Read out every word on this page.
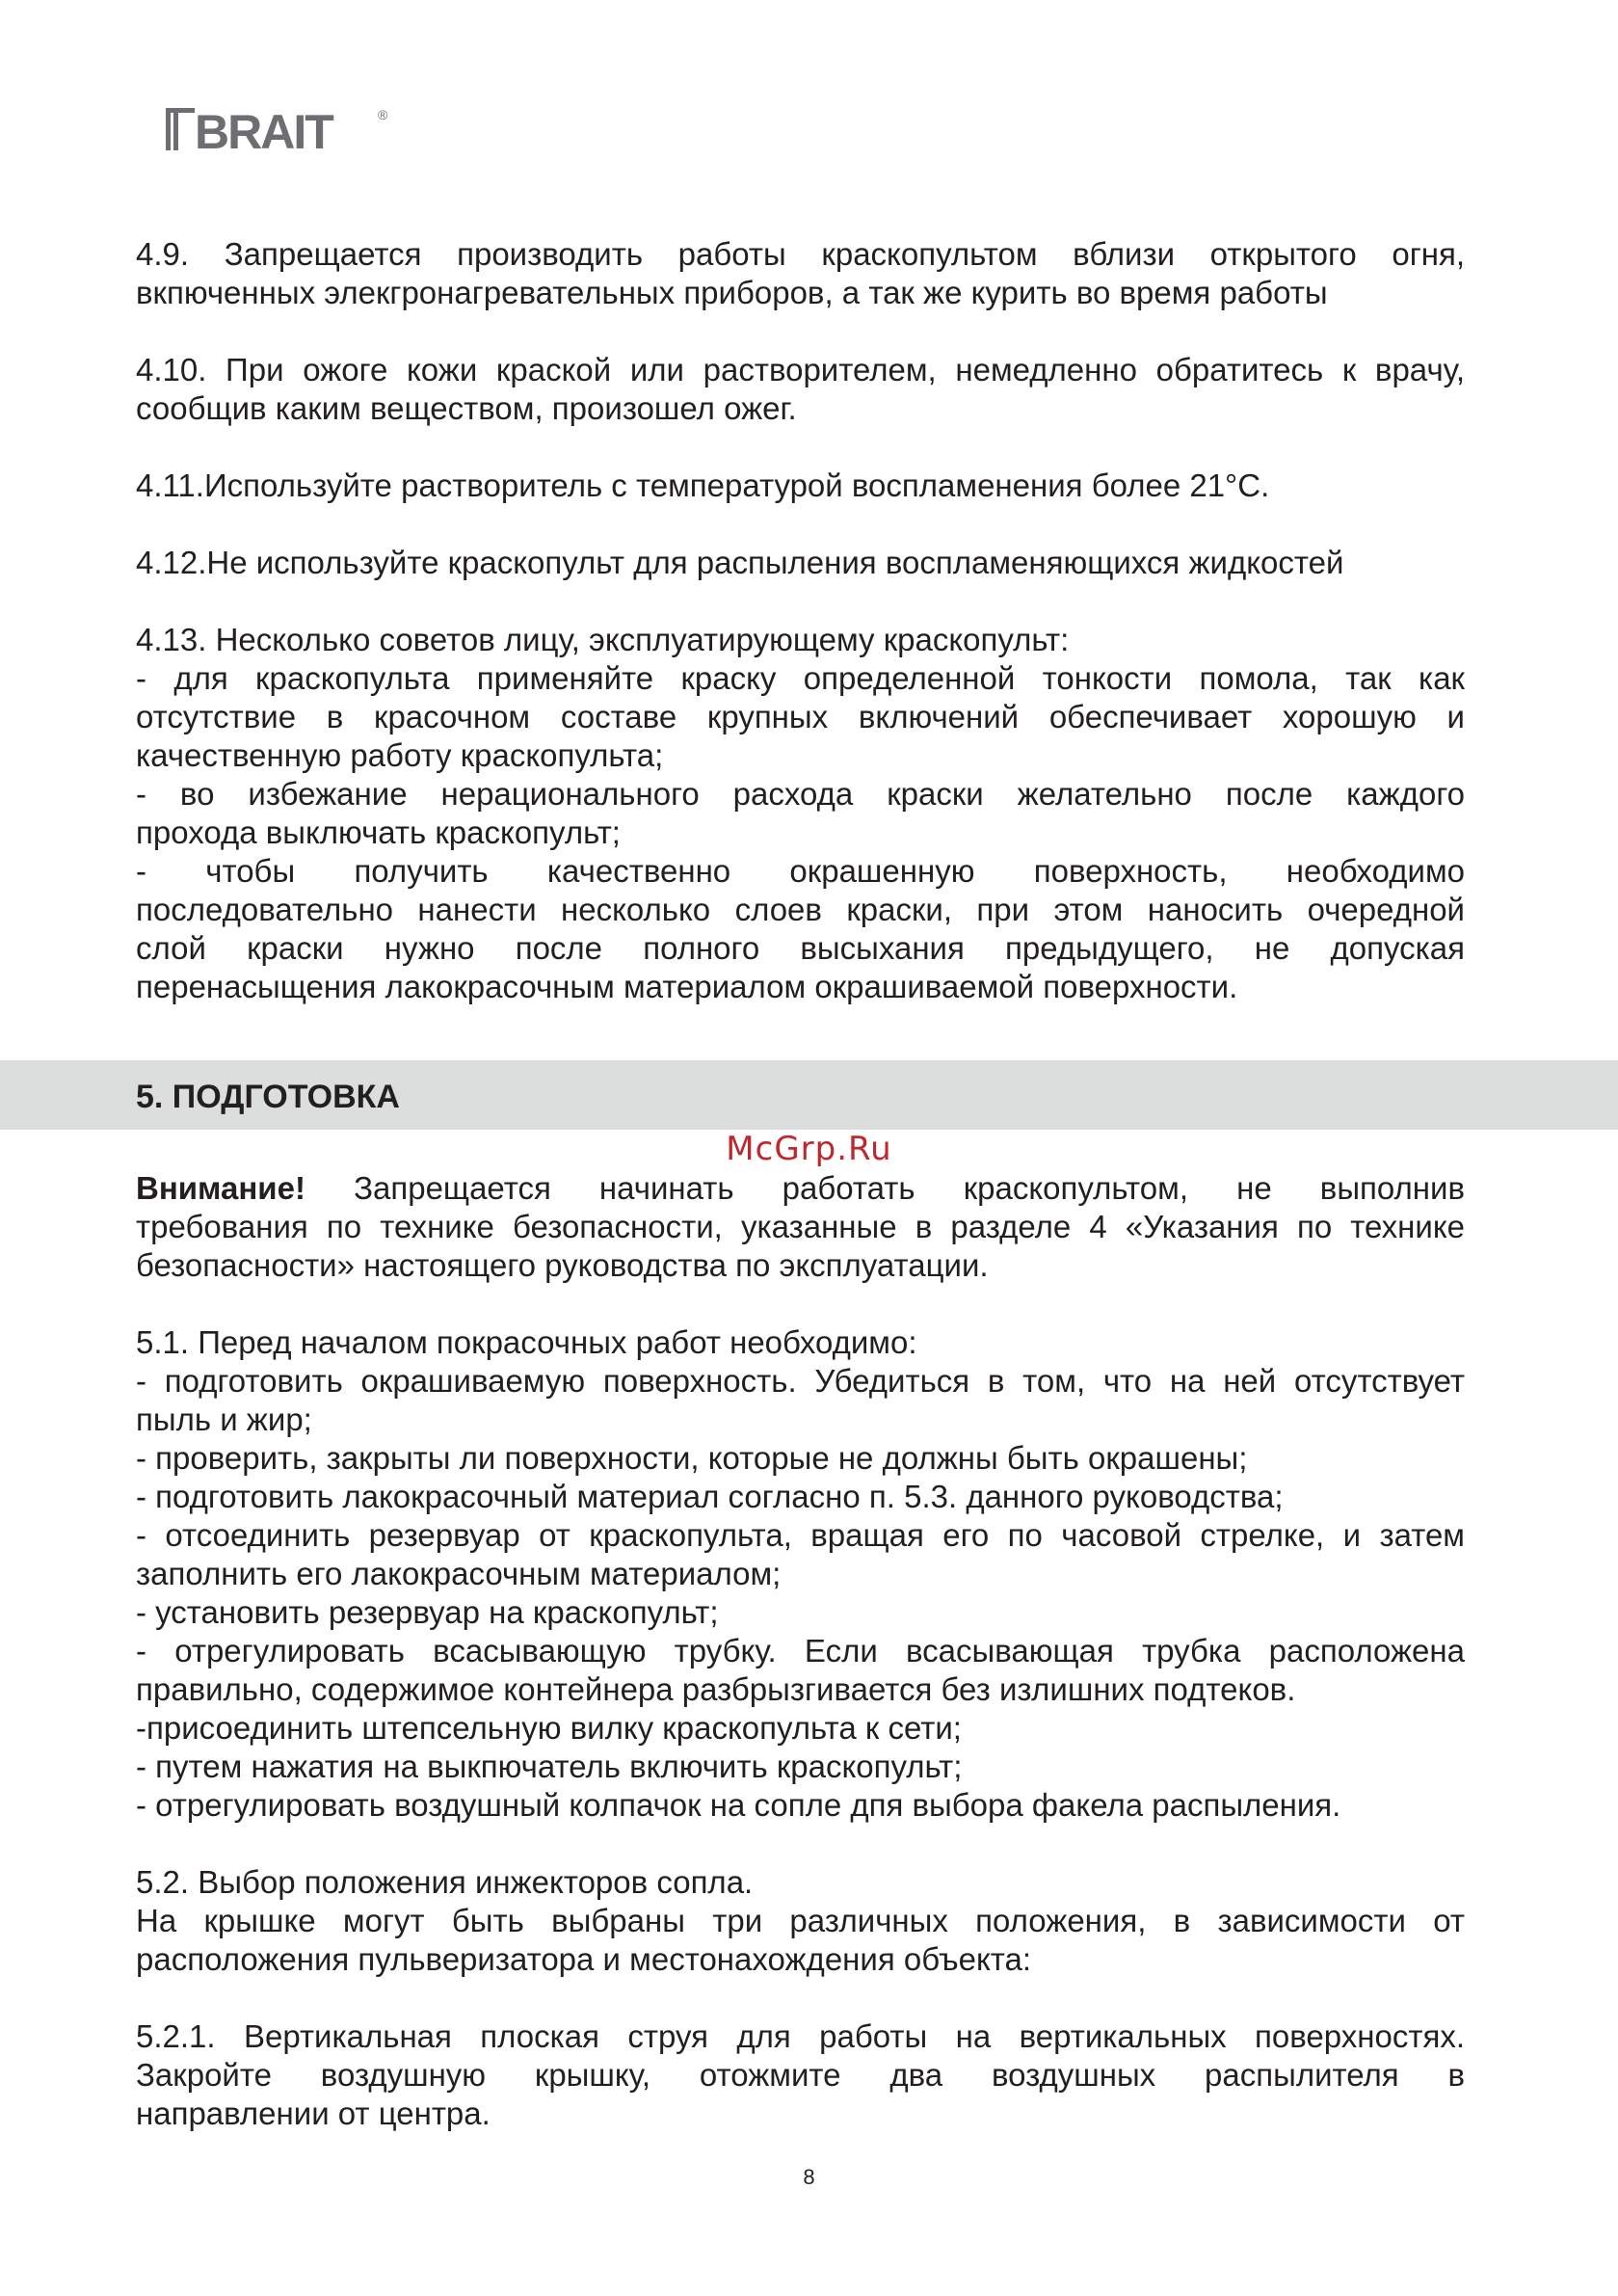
BRAIT	®

4.9. Запрещается производить работы краскопультом вблизи открытого огня,
вкпюченных элекгронагревательных приборов, а так же курить во время работы

4.10. При ожоге кожи краской или растворителем, немедленно обратитесь к врачу,
сообщив каким веществом, произошел ожег.

4.11.Используйте растворитель с температурой воспламенения более 21°С.

4.12.Не используйте краскопульт для распыления воспламеняющихся жидкостей

4.13. Несколько советов лицу, эксплуатирующему краскопульт:
- для краскопульта применяйте краску определенной тонкости помола, так как
отсутствие в красочном составе крупных включений обеспечивает хорошую и
качественную работу краскопульта;
- во избежание нерационального расхода краски желательно после каждого
прохода выключать краскопульт;
- чтобы получить качественно окрашенную поверхность, необходимо
последовательно нанести несколько слоев краски, при этом наносить очередной
слой краски нужно после полного высыхания предыдущего, не допуская
перенасыщения лакокрасочным материалом окрашиваемой поверхности.

5. ПОДГОТОВКА
McGrp.Ru

Внимание! Запрещается начинать работать краскопультом, не выполнив
требования по технике безопасности, указанные в разделе 4 «Указания по технике
безопасности» настоящего руководства по эксплуатации.

5.1. Перед началом покрасочных работ необходимо:
- подготовить окрашиваемую поверхность. Убедиться в том, что на ней отсутствует
пыль и жир;
- проверить, закрыты ли поверхности, которые не должны быть окрашены;
- подготовить лакокрасочный материал согласно п. 5.3. данного руководства;
- отсоединить резервуар от краскопульта, вращая его по часовой стрелке, и затем
заполнить его лакокрасочным материалом;
- установить резервуар на краскопульт;
- отрегулировать всасывающую трубку. Если всасывающая трубка расположена
правильно, содержимое контейнера разбрызгивается без излишних подтеков.
-присоединить штепсельную вилку краскопульта к сети;
- путем нажатия на выкпючатель включить краскопульт;
- отрегулировать воздушный колпачок на сопле дпя выбора факела распыления.

5.2. Выбор положения инжекторов сопла.
На крышке могут быть выбраны три различных положения, в зависимости от
расположения пульверизатора и местонахождения объекта:

5.2.1. Вертикальная плоская струя для работы на вертикальных поверхностях.
Закройте воздушную крышку, отожмите два воздушных распылителя в
направлении от центра.

8
